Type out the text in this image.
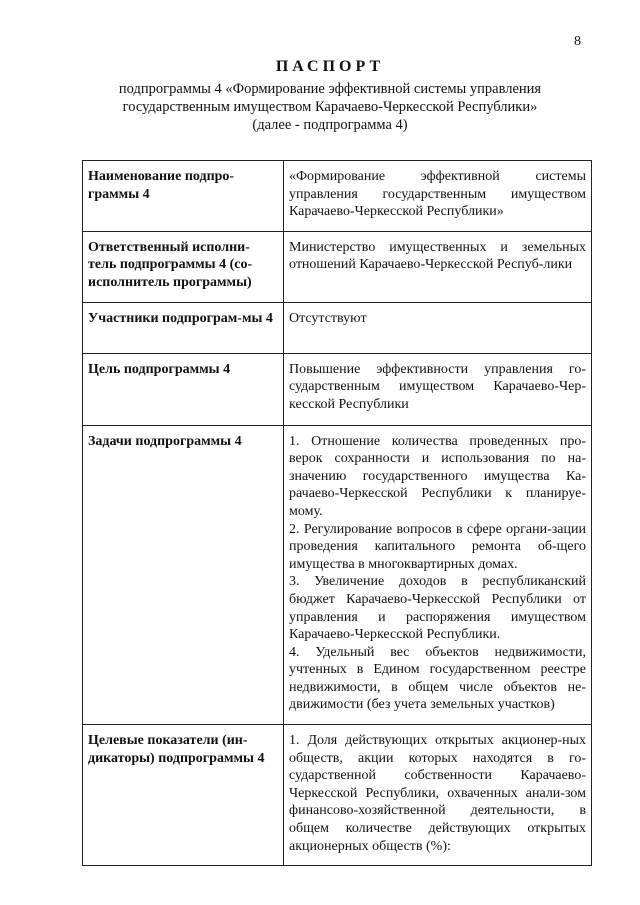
8
ПАСПОРТ
подпрограммы 4 «Формирование эффективной системы управления
государственным имуществом Карачаево-Черкесской Республики»
(далее - подпрограмма 4)
Наименование подпро-граммы 4	«Формирование эффективной системы управления государственным имуществом Карачаево-Черкесской Республики»

Ответственный исполни-тель подпрограммы 4 (со-исполнитель программы)	Министерство имущественных и земельных отношений Карачаево-Черкесской Респуб-лики

Участники подпрограм-мы 4	Отсутствуют

Цель подпрограммы 4	Повышение эффективности управления го-сударственным имуществом Карачаево-Чер-кесской Республики

Задачи подпрограммы 4	1. Отношение количества проведенных про-верок сохранности и использования по на-значению государственного имущества Ка-рачаево-Черкесской Республики к планируе-мому.
2. Регулирование вопросов в сфере органи-зации проведения капитального ремонта об-щего имущества в многоквартирных домах.
3. Увеличение доходов в республиканский бюджет Карачаево-Черкесской Республики от управления и распоряжения имуществом Карачаево-Черкесской Республики.
4. Удельный вес объектов недвижимости, учтенных в Едином государственном реестре недвижимости, в общем числе объектов не-движимости (без учета земельных участков)

Целевые показатели (ин-дикаторы) подпрограммы 4	1. Доля действующих открытых акционер-ных обществ, акции которых находятся в го-сударственной собственности Карачаево-Черкесской Республики, охваченных анали-зом финансово-хозяйственной деятельности, в общем количестве действующих открытых акционерных обществ (%):
